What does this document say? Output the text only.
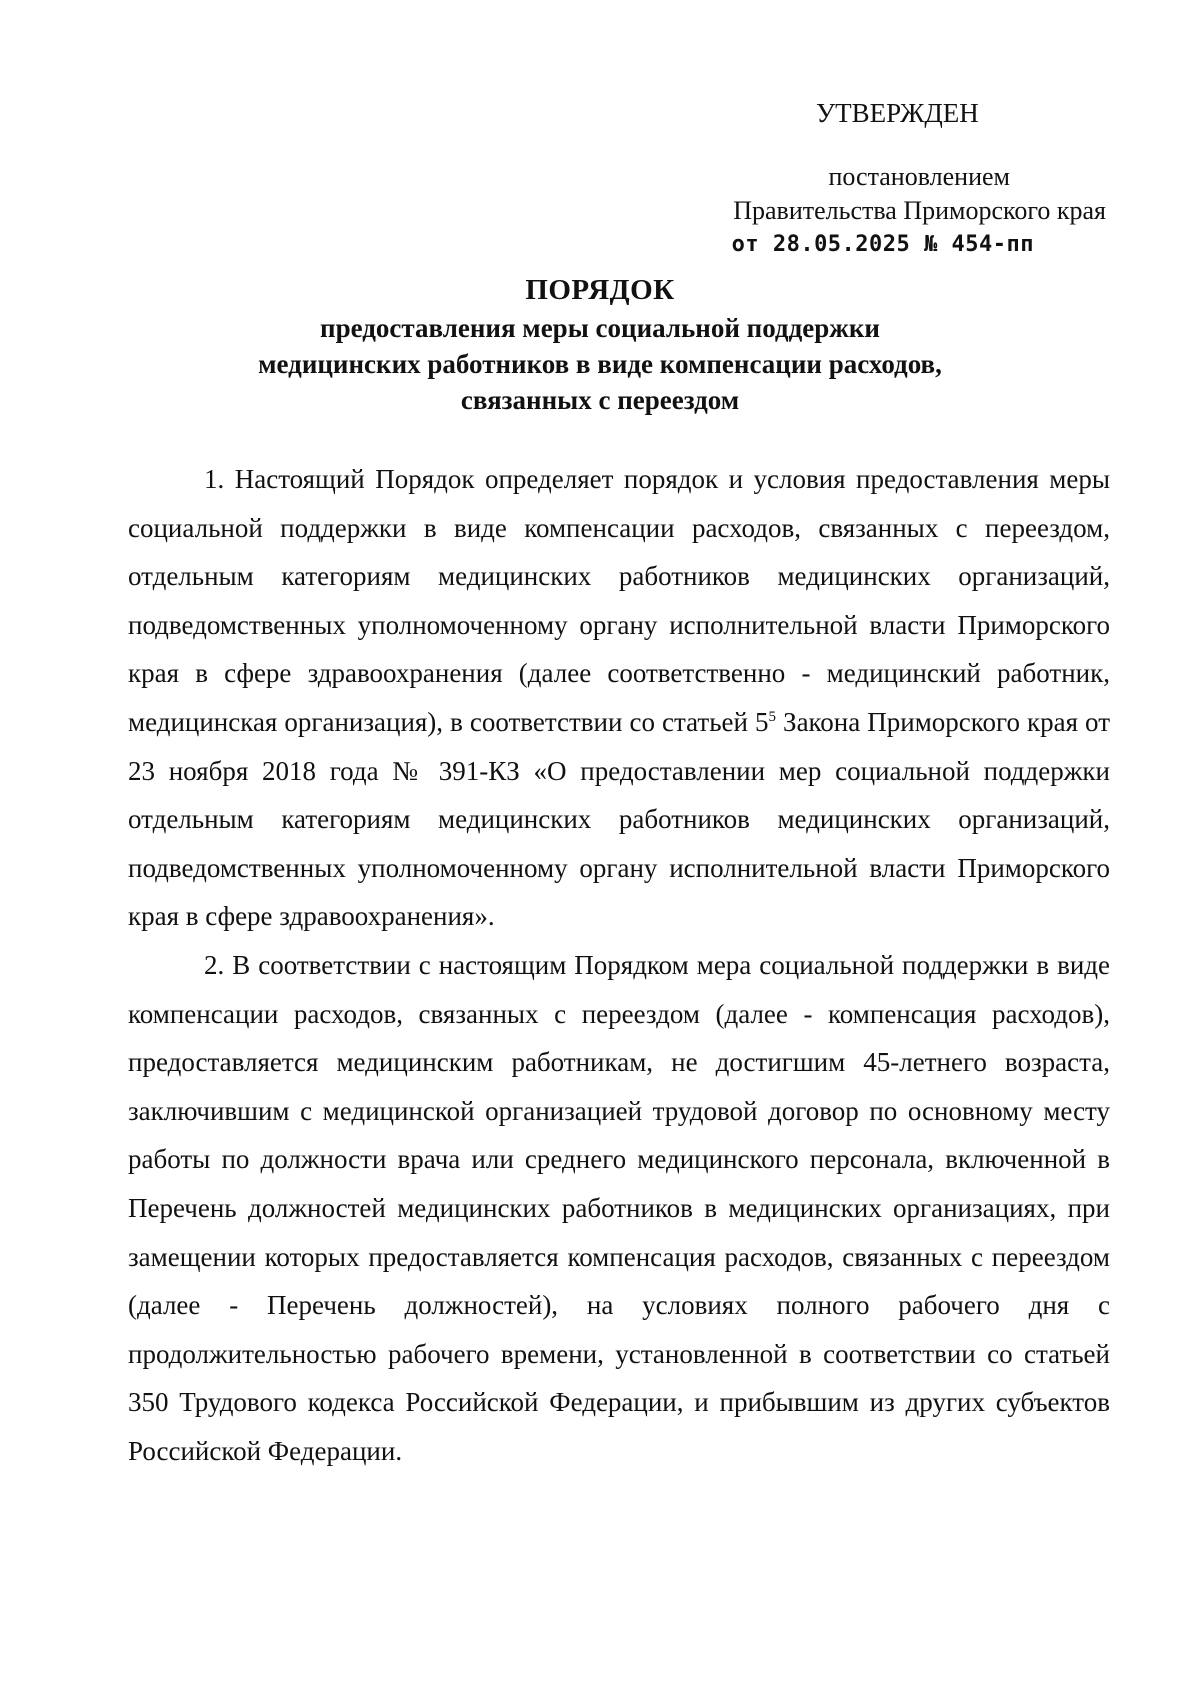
УТВЕРЖДЕН
постановлением
Правительства Приморского края
от 28.05.2025 № 454-пп
ПОРЯДОК
предоставления меры социальной поддержки
медицинских работников в виде компенсации расходов,
связанных с переездом

1. Настоящий Порядок определяет порядок и условия предоставления меры социальной поддержки в виде компенсации расходов, связанных с переездом, отдельным категориям медицинских работников медицинских организаций, подведомственных уполномоченному органу исполнительной власти Приморского края в сфере здравоохранения (далее соответственно - медицинский работник, медицинская организация), в соответствии со статьей $5^5$ Закона Приморского края от 23 ноября 2018 года № 391-КЗ «О предоставлении мер социальной поддержки отдельным категориям медицинских работников медицинских организаций, подведомственных уполномоченному органу исполнительной власти Приморского края в сфере здравоохранения».

2. В соответствии с настоящим Порядком мера социальной поддержки в виде компенсации расходов, связанных с переездом (далее - компенсация расходов), предоставляется медицинским работникам, не достигшим 45-летнего возраста, заключившим с медицинской организацией трудовой договор по основному месту работы по должности врача или среднего медицинского персонала, включенной в Перечень должностей медицинских работников в медицинских организациях, при замещении которых предоставляется компенсация расходов, связанных с переездом (далее - Перечень должностей), на условиях полного рабочего дня с продолжительностью рабочего времени, установленной в соответствии со статьей 350 Трудового кодекса Российской Федерации, и прибывшим из других субъектов Российской Федерации.
